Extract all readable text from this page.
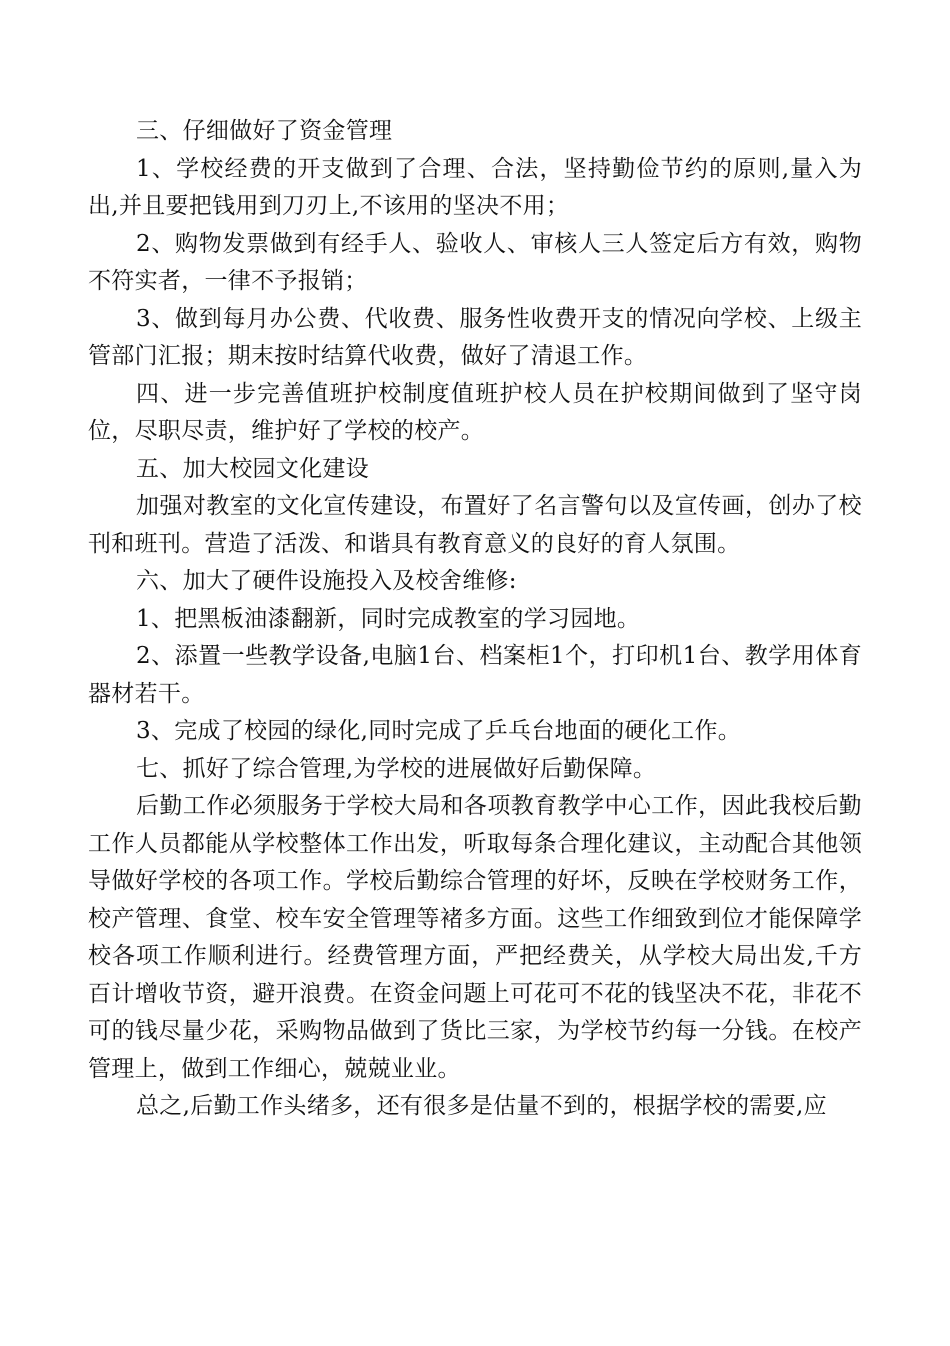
三、仔细做好了资金管理

1、学校经费的开支做到了合理、合法，坚持勤俭节约的原则,量入为出,并且要把钱用到刀刃上,不该用的坚决不用；

2、购物发票做到有经手人、验收人、审核人三人签定后方有效，购物不符实者，一律不予报销；

3、做到每月办公费、代收费、服务性收费开支的情况向学校、上级主管部门汇报；期末按时结算代收费，做好了清退工作。

四、进一步完善值班护校制度值班护校人员在护校期间做到了坚守岗位，尽职尽责，维护好了学校的校产。

五、加大校园文化建设

加强对教室的文化宣传建设，布置好了名言警句以及宣传画，创办了校刊和班刊。营造了活泼、和谐具有教育意义的良好的育人氛围。

六、加大了硬件设施投入及校舍维修:

1、把黑板油漆翻新，同时完成教室的学习园地。

2、添置一些教学设备,电脑1台、档案柜1个，打印机1台、教学用体育器材若干。

3、完成了校园的绿化,同时完成了乒乓台地面的硬化工作。

七、抓好了综合管理,为学校的进展做好后勤保障。

后勤工作必须服务于学校大局和各项教育教学中心工作，因此我校后勤工作人员都能从学校整体工作出发，听取每条合理化建议，主动配合其他领导做好学校的各项工作。学校后勤综合管理的好坏，反映在学校财务工作，校产管理、食堂、校车安全管理等褚多方面。这些工作细致到位才能保障学校各项工作顺利进行。经费管理方面，严把经费关，从学校大局出发,千方百计增收节资，避开浪费。在资金问题上可花可不花的钱坚决不花，非花不可的钱尽量少花，采购物品做到了货比三家，为学校节约每一分钱。在校产管理上，做到工作细心，兢兢业业。

总之,后勤工作头绪多，还有很多是估量不到的，根据学校的需要,应
